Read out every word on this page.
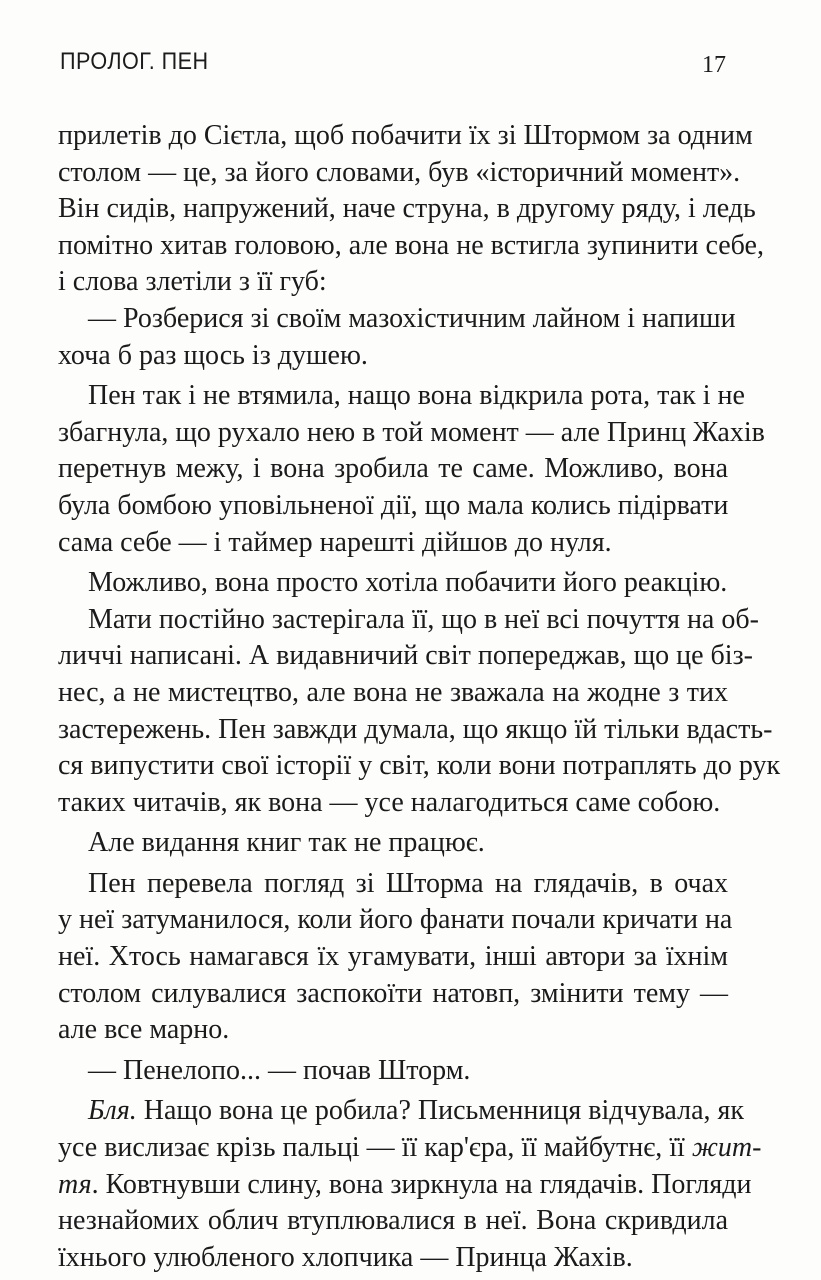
ПРОЛОГ. ПЕН	17
прилетів до Сієтла, щоб побачити їх зі Штормом за одним
столом — це, за його словами, був «історичний момент».
Він сидів, напружений, наче струна, в другому ряду, і ледь
помітно хитав головою, але вона не встигла зупинити себе,
і слова злетіли з її губ:
— Розберися зі своїм мазохістичним лайном і напиши
хоча б раз щось із душею.
Пен так і не втямила, нащо вона відкрила рота, так і не
збагнула, що рухало нею в той момент — але Принц Жахів
перетнув межу, і вона зробила те саме. Можливо, вона
була бомбою уповільненої дії, що мала колись підірвати
сама себе — і таймер нарешті дійшов до нуля.
Можливо, вона просто хотіла побачити його реакцію.
Мати постійно застерігала її, що в неї всі почуття на об-
личчі написані. А видавничий світ попереджав, що це біз-
нес, а не мистецтво, але вона не зважала на жодне з тих
застережень. Пен завжди думала, що якщо їй тільки вдасть-
ся випустити свої історії у світ, коли вони потраплять до рук
таких читачів, як вона — усе налагодиться саме собою.
Але видання книг так не працює.
Пен перевела погляд зі Шторма на глядачів, в очах
у неї затуманилося, коли його фанати почали кричати на
неї. Хтось намагався їх угамувати, інші автори за їхнім
столом силувалися заспокоїти натовп, змінити тему —
але все марно.
— Пенелопо... — почав Шторм.
Бля. Нащо вона це робила? Письменниця відчувала, як
усе вислизає крізь пальці — її кар'єра, її майбутнє, її жит-
тя. Ковтнувши слину, вона зиркнула на глядачів. Погляди
незнайомих облич втуплювалися в неї. Вона скривдила
їхнього улюбленого хлопчика — Принца Жахів.
